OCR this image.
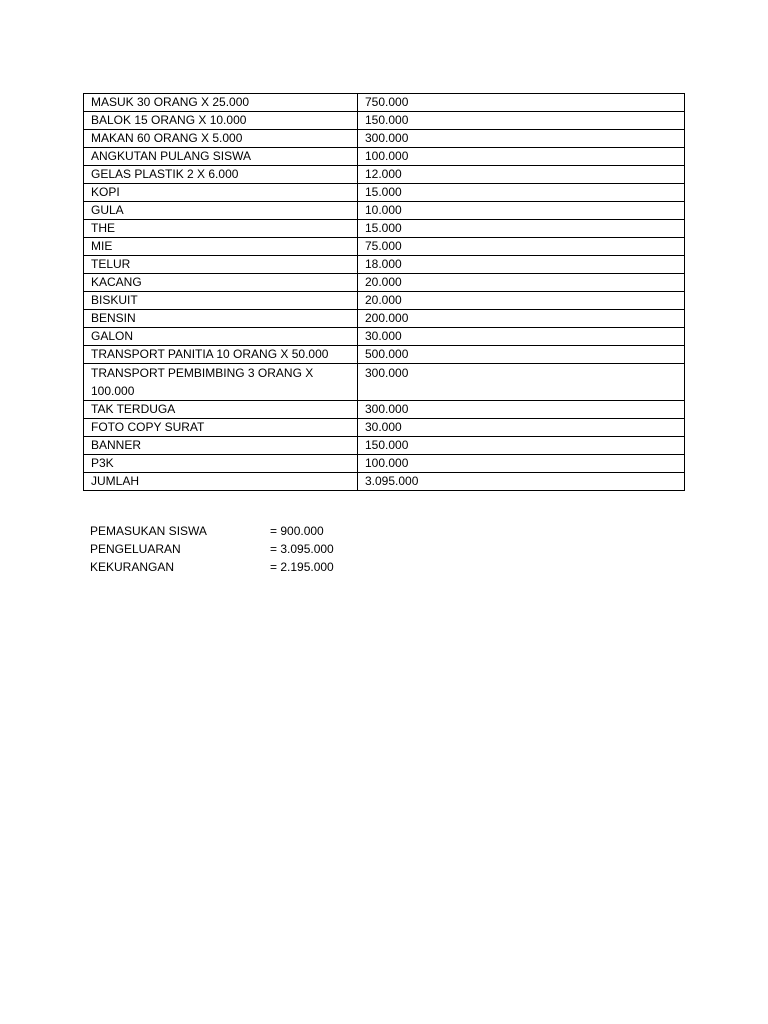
MASUK 30 ORANG X 25.000	750.000
BALOK 15 ORANG X 10.000	150.000
MAKAN 60 ORANG X 5.000	300.000
ANGKUTAN PULANG SISWA	100.000
GELAS PLASTIK 2 X 6.000	12.000
KOPI	15.000
GULA	10.000
THE	15.000
MIE	75.000
TELUR	18.000
KACANG	20.000
BISKUIT	20.000
BENSIN	200.000
GALON	30.000
TRANSPORT PANITIA 10 ORANG X 50.000	500.000
TRANSPORT PEMBIMBING 3 ORANG X 100.000	300.000
TAK TERDUGA	300.000
FOTO COPY SURAT	30.000
BANNER	150.000
P3K	100.000
JUMLAH	3.095.000
PEMASUKAN SISWA	= 900.000
PENGELUARAN	= 3.095.000
KEKURANGAN	= 2.195.000
